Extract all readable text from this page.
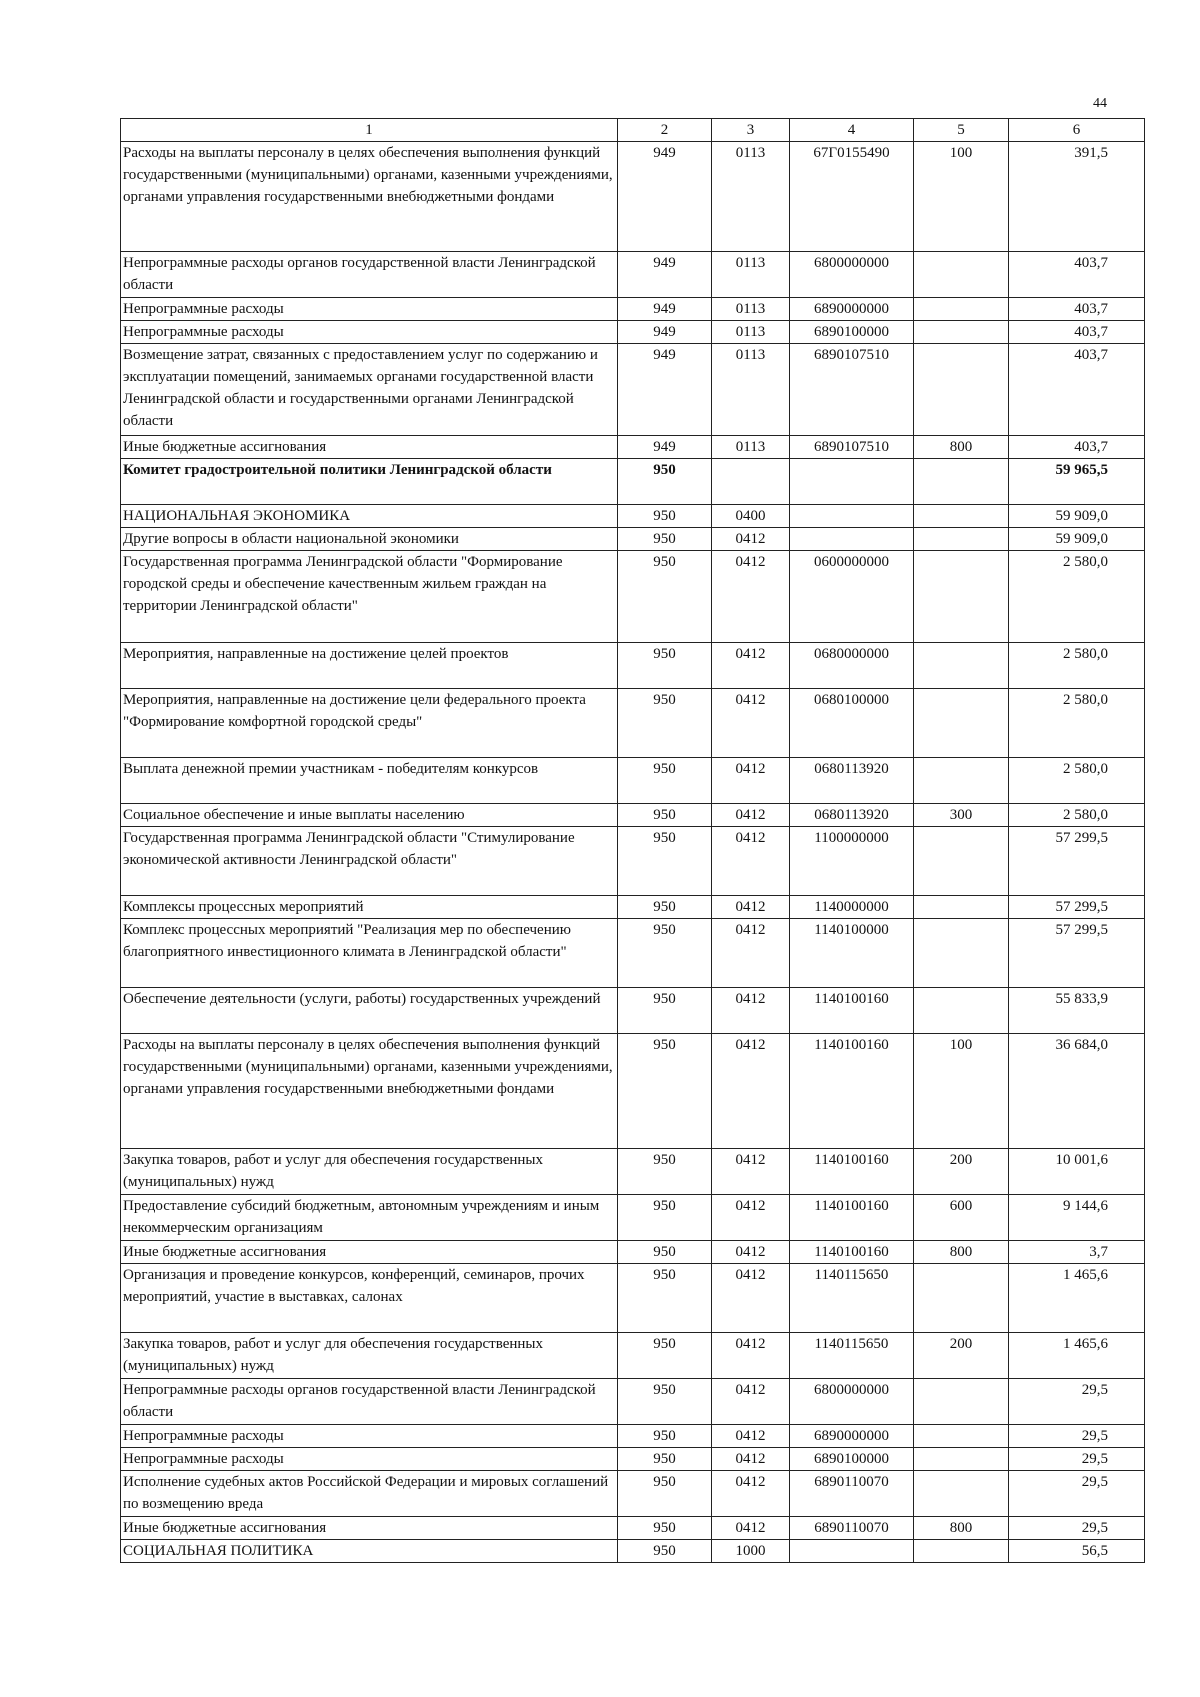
44
1	2	3	4	5	6
Расходы на выплаты персоналу в целях обеспечения выполнения функций государственными (муниципальными) органами, казенными учреждениями, органами управления государственными внебюджетными фондами	949	0113	67Г0155490	100	391,5
Непрограммные расходы органов государственной власти Ленинградской области	949	0113	6800000000		403,7
Непрограммные расходы	949	0113	6890000000		403,7
Непрограммные расходы	949	0113	6890100000		403,7
Возмещение затрат, связанных с предоставлением услуг по содержанию и эксплуатации помещений, занимаемых органами государственной власти Ленинградской области и государственными органами Ленинградской области	949	0113	6890107510		403,7
Иные бюджетные ассигнования	949	0113	6890107510	800	403,7
Комитет градостроительной политики Ленинградской области	950				59 965,5
НАЦИОНАЛЬНАЯ ЭКОНОМИКА	950	0400			59 909,0
Другие вопросы в области национальной экономики	950	0412			59 909,0
Государственная программа Ленинградской области "Формирование городской среды и обеспечение качественным жильем граждан на территории Ленинградской области"	950	0412	0600000000		2 580,0
Мероприятия, направленные на достижение целей проектов	950	0412	0680000000		2 580,0
Мероприятия, направленные на достижение цели федерального проекта "Формирование комфортной городской среды"	950	0412	0680100000		2 580,0
Выплата денежной премии участникам - победителям конкурсов	950	0412	0680113920		2 580,0
Социальное обеспечение и иные выплаты населению	950	0412	0680113920	300	2 580,0
Государственная программа Ленинградской области "Стимулирование экономической активности Ленинградской области"	950	0412	1100000000		57 299,5
Комплексы процессных мероприятий	950	0412	1140000000		57 299,5
Комплекс процессных мероприятий "Реализация мер по обеспечению благоприятного инвестиционного климата в Ленинградской области"	950	0412	1140100000		57 299,5
Обеспечение деятельности (услуги, работы) государственных учреждений	950	0412	1140100160		55 833,9
Расходы на выплаты персоналу в целях обеспечения выполнения функций государственными (муниципальными) органами, казенными учреждениями, органами управления государственными внебюджетными фондами	950	0412	1140100160	100	36 684,0
Закупка товаров, работ и услуг для обеспечения государственных (муниципальных) нужд	950	0412	1140100160	200	10 001,6
Предоставление субсидий бюджетным, автономным учреждениям и иным некоммерческим организациям	950	0412	1140100160	600	9 144,6
Иные бюджетные ассигнования	950	0412	1140100160	800	3,7
Организация и проведение конкурсов, конференций, семинаров, прочих мероприятий, участие в выставках, салонах	950	0412	1140115650		1 465,6
Закупка товаров, работ и услуг для обеспечения государственных (муниципальных) нужд	950	0412	1140115650	200	1 465,6
Непрограммные расходы органов государственной власти Ленинградской области	950	0412	6800000000		29,5
Непрограммные расходы	950	0412	6890000000		29,5
Непрограммные расходы	950	0412	6890100000		29,5
Исполнение судебных актов Российской Федерации и мировых соглашений по возмещению вреда	950	0412	6890110070		29,5
Иные бюджетные ассигнования	950	0412	6890110070	800	29,5
СОЦИАЛЬНАЯ ПОЛИТИКА	950	1000			56,5
